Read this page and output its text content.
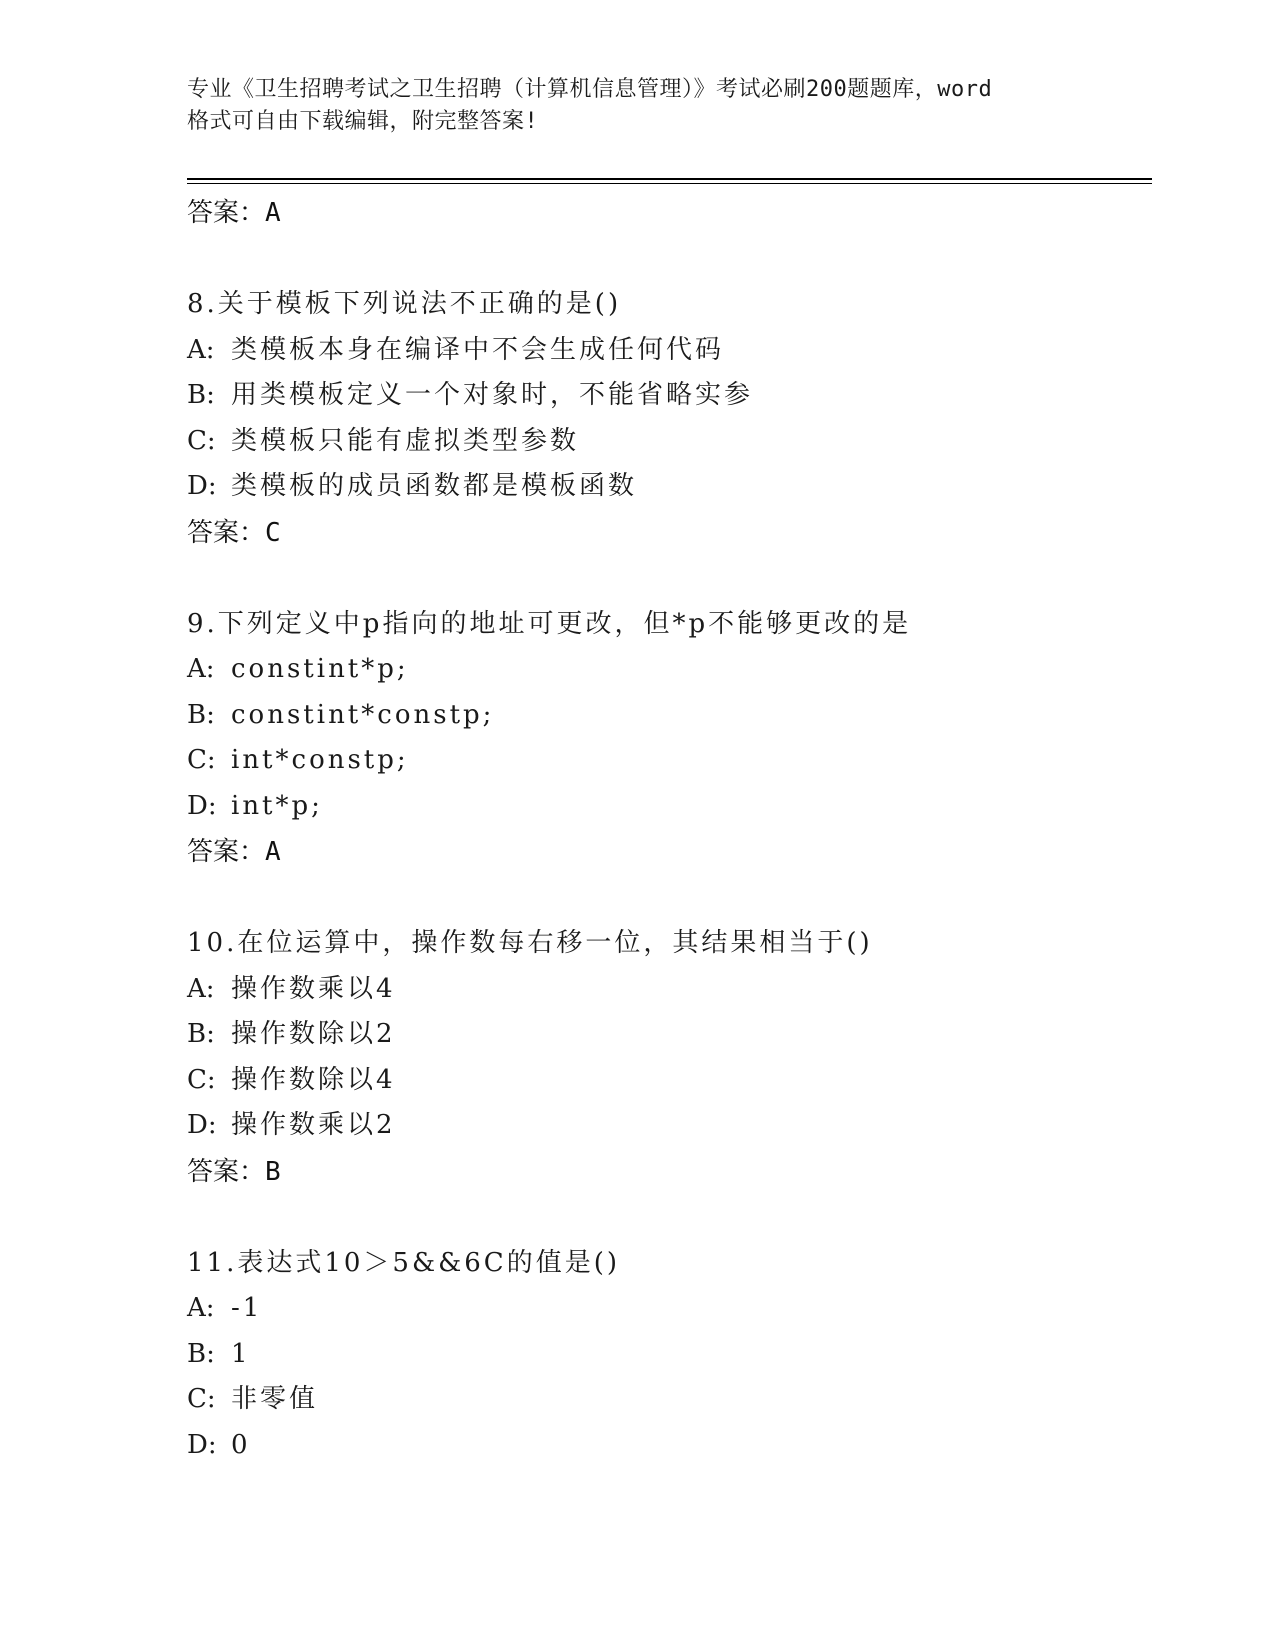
专业《卫生招聘考试之卫生招聘（计算机信息管理）》考试必刷200题题库，word
格式可自由下载编辑，附完整答案!
答案：A
8.关于模板下列说法不正确的是()
A: 类模板本身在编译中不会生成任何代码
B: 用类模板定义一个对象时，不能省略实参
C: 类模板只能有虚拟类型参数
D: 类模板的成员函数都是模板函数
答案：C
9.下列定义中p指向的地址可更改，但*p不能够更改的是
A: constint*p;
B: constint*constp;
C: int*constp;
D: int*p;
答案：A
10.在位运算中，操作数每右移一位，其结果相当于()
A: 操作数乘以4
B: 操作数除以2
C: 操作数除以4
D: 操作数乘以2
答案：B
11.表达式10＞5&&6C的值是()
A: -1
B: 1
C: 非零值
D: 0
